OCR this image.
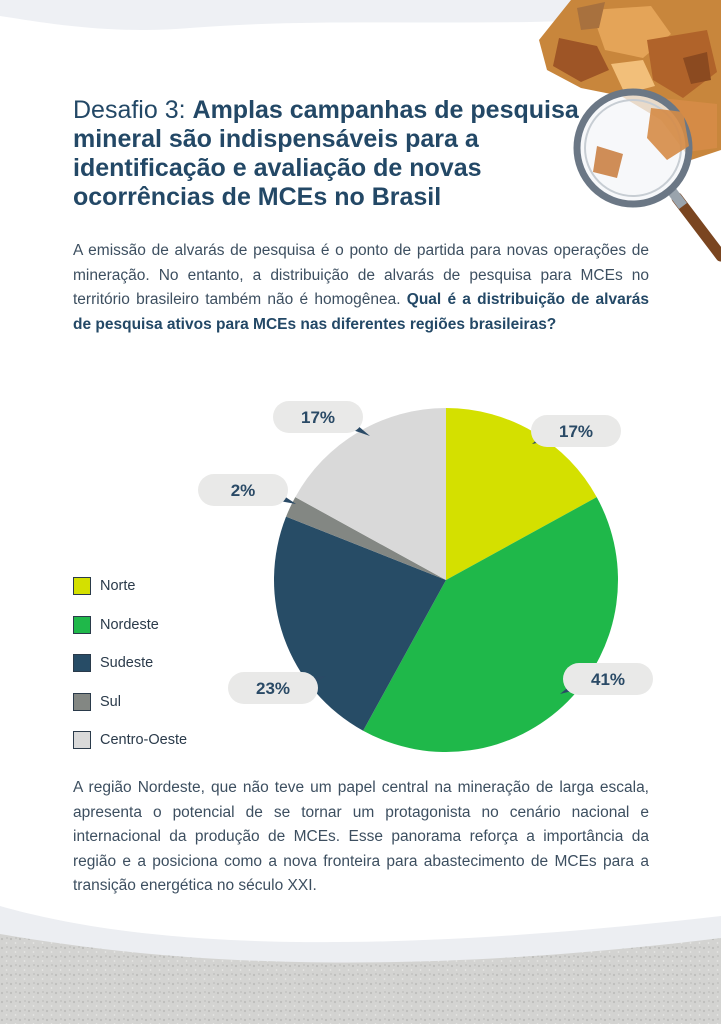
Desafio 3: Amplas campanhas de pesquisa mineral são indispensáveis para a identificação e avaliação de novas ocorrências de MCEs no Brasil
A emissão de alvarás de pesquisa é o ponto de partida para novas operações de mineração. No entanto, a distribuição de alvarás de pesquisa para MCEs no território brasileiro também não é homogênea. Qual é a distribuição de alvarás de pesquisa ativos para MCEs nas diferentes regiões brasileiras?
17%
41%
23%
2%
17%
Norte
Nordeste
Sudeste
Sul
Centro-Oeste
A região Nordeste, que não teve um papel central na mineração de larga escala, apresenta o potencial de se tornar um protagonista no cenário nacional e internacional da produção de MCEs. Esse panorama reforça a importância da região e a posiciona como a nova fronteira para abastecimento de MCEs para a transição energética no século XXI.
